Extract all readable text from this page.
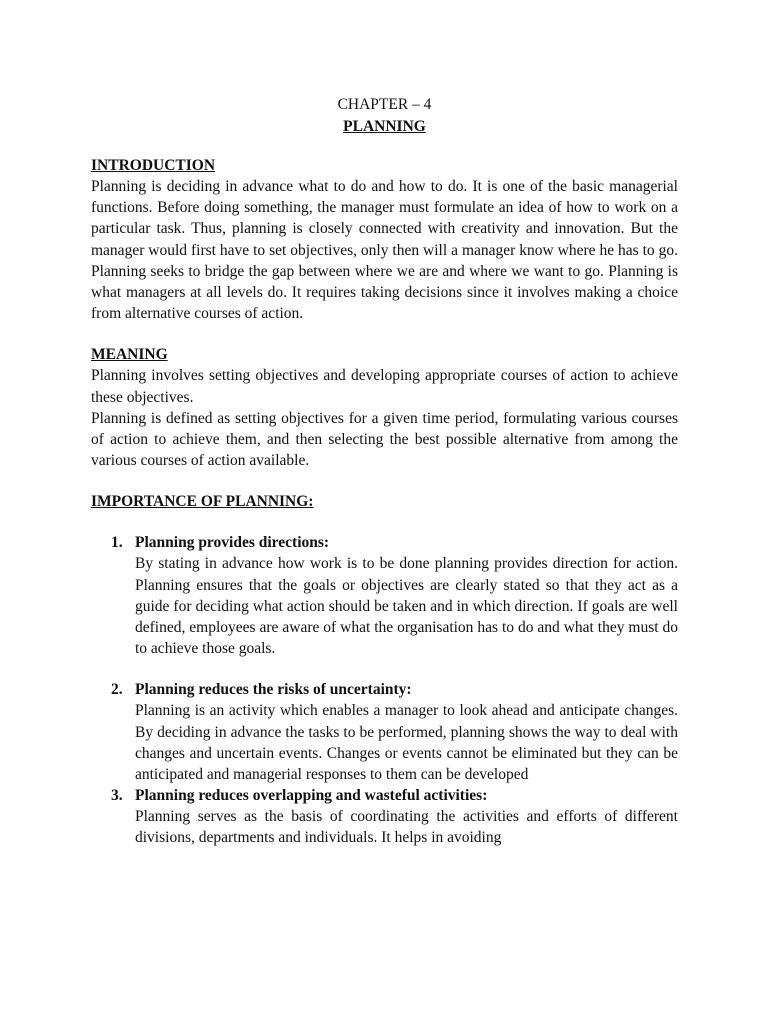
CHAPTER – 4

PLANNING

INTRODUCTION

Planning is deciding in advance what to do and how to do. It is one of the basic managerial functions. Before doing something, the manager must formulate an idea of how to work on a particular task. Thus, planning is closely connected with creativity and innovation. But the manager would first have to set objectives, only then will a manager know where he has to go. Planning seeks to bridge the gap between where we are and where we want to go. Planning is what managers at all levels do. It requires taking decisions since it involves making a choice from alternative courses of action.

MEANING

Planning involves setting objectives and developing appropriate courses of action to achieve these objectives.

Planning is defined as setting objectives for a given time period, formulating various courses of action to achieve them, and then selecting the best possible alternative from among the various courses of action available.

IMPORTANCE OF PLANNING:

1. Planning provides directions:

By stating in advance how work is to be done planning provides direction for action. Planning ensures that the goals or objectives are clearly stated so that they act as a guide for deciding what action should be taken and in which direction. If goals are well defined, employees are aware of what the organisation has to do and what they must do to achieve those goals.

2. Planning reduces the risks of uncertainty:

Planning is an activity which enables a manager to look ahead and anticipate changes. By deciding in advance the tasks to be performed, planning shows the way to deal with changes and uncertain events. Changes or events cannot be eliminated but they can be anticipated and managerial responses to them can be developed

3. Planning reduces overlapping and wasteful activities:

Planning serves as the basis of coordinating the activities and efforts of different divisions, departments and individuals. It helps in avoiding
